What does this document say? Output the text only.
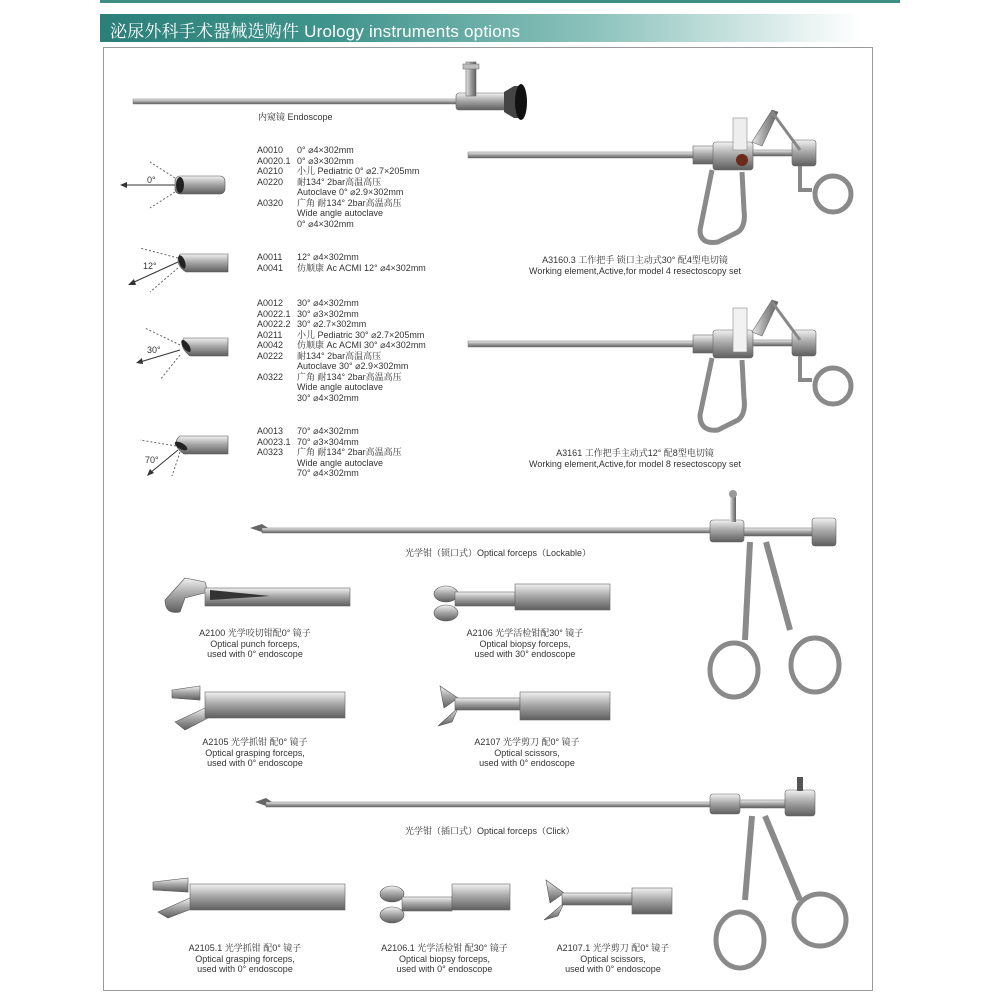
泌尿外科手术器械选购件 Urology instruments options
0°
12°
30°
70°
内窥镜 Endoscope
A0010 0° ⌀4×302mm
A0020.1 0° ⌀3×302mm
A0210 小儿 Pediatric 0° ⌀2.7×205mm
A0220 耐134° 2bar高温高压
Autoclave 0° ⌀2.9×302mm
A0320 广角 耐134° 2bar高温高压
Wide angle autoclave
0° ⌀4×302mm
A0011 12° ⌀4×302mm
A0041 仿顺康 Ac ACMI 12° ⌀4×302mm
A0012 30° ⌀4×302mm
A0022.1 30° ⌀3×302mm
A0022.2 30° ⌀2.7×302mm
A0211 小儿 Pediatric 30° ⌀2.7×205mm
A0042 仿顺康 Ac ACMI 30° ⌀4×302mm
A0222 耐134° 2bar高温高压
Autoclave 30° ⌀2.9×302mm
A0322 广角 耐134° 2bar高温高压
Wide angle autoclave
30° ⌀4×302mm
A0013 70° ⌀4×302mm
A0023.1 70° ⌀3×304mm
A0323 广角 耐134° 2bar高温高压
Wide angle autoclave
70° ⌀4×302mm
A3160.3 工作把手 锁口主动式30° 配4型电切镜
Working element,Active,for model 4 resectoscopy set
A3161 工作把手主动式12° 配8型电切镜
Working element,Active,for model 8 resectoscopy set
光学钳（锁口式）Optical forceps（Lockable）
A2100 光学咬切钳配0° 镜子
Optical punch forceps,
used with 0° endoscope
A2106 光学活检钳配30° 镜子
Optical biopsy forceps,
used with 30° endoscope
A2105 光学抓钳 配0° 镜子
Optical grasping forceps,
used with 0° endoscope
A2107 光学剪刀 配0° 镜子
Optical scissors,
used with 0° endoscope
光学钳（插口式）Optical forceps（Click）
A2105.1 光学抓钳 配0° 镜子
Optical grasping forceps,
used with 0° endoscope
A2106.1 光学活检钳 配30° 镜子
Optical biopsy forceps,
used with 0° endoscope
A2107.1 光学剪刀 配0° 镜子
Optical scissors,
used with 0° endoscope
